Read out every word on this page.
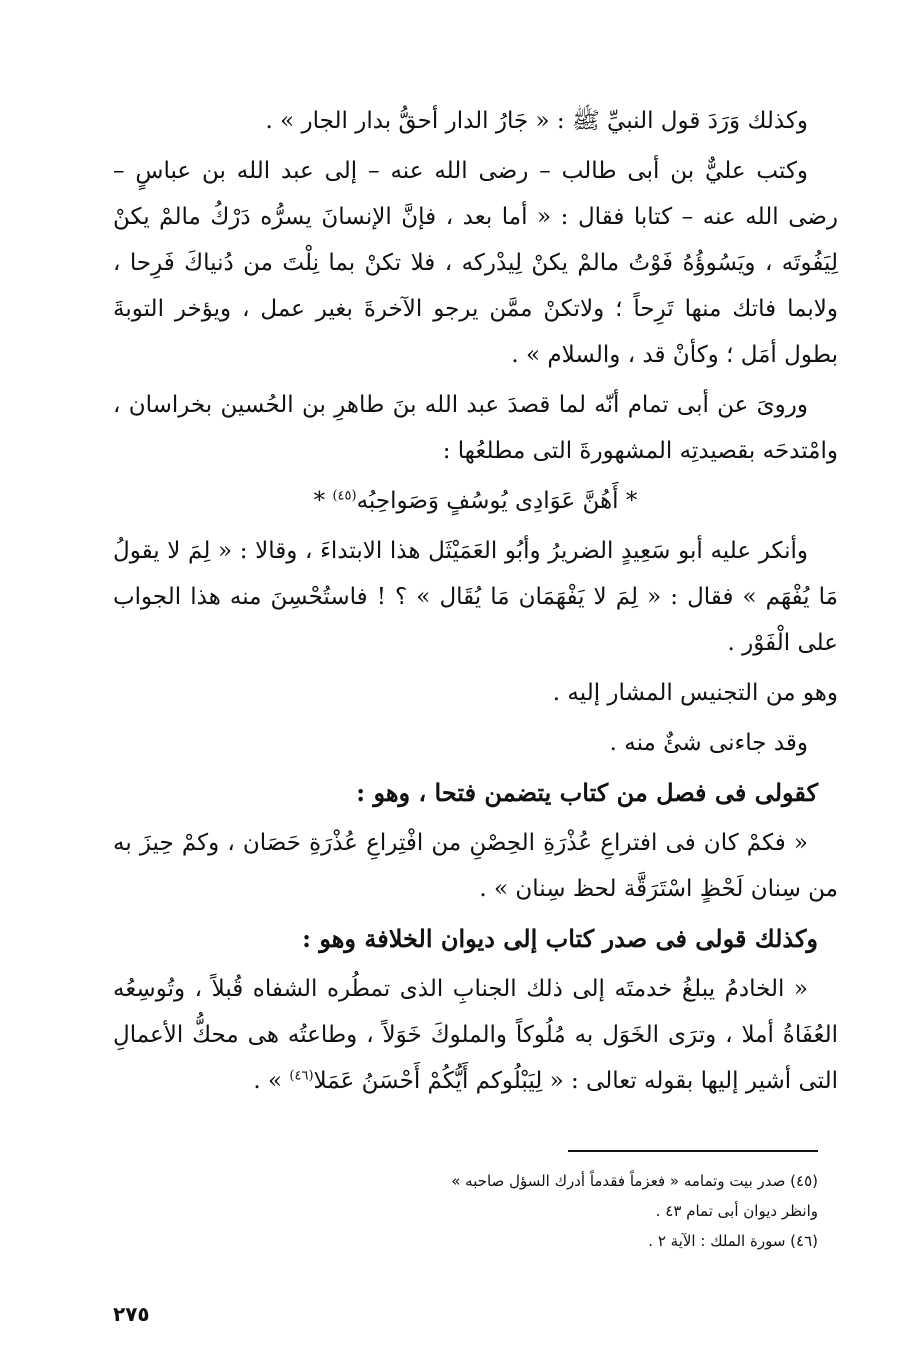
وكذلك وَرَدَ قول النبيِّ ﷺ : « جَارُ الدار أحقُّ بدار الجار » .

وكتب عليٌّ بن أبى طالب – رضى الله عنه – إلى عبد الله بن عباسٍ – رضى الله عنه – كتابا فقال : « أما بعد ، فإنَّ الإنسانَ يسرُّه دَرْكُ مالمْ يكنْ لِيَفُوتَه ، ويَسُوؤُهُ فَوْتُ مالمْ يكنْ لِيدْركه ، فلا تكنْ بما نِلْتَ من دُنياكَ فَرِحا ، ولابما فاتك منها تَرِحاً ؛ ولاتكنْ ممَّن يرجو الآخرةَ بغير عمل ، ويؤخر التوبةَ بطول أمَل ؛ وكأنْ قد ، والسلام » .

وروىَ عن أبى تمام أنّه لما قصدَ عبد الله بنَ طاهرِ بن الحُسين بخراسان ، وامْتدحَه بقصيدتِه المشهورةَ التى مطلعُها :

* أَهُنَّ عَوَادِى يُوسُفٍ وَصَواحِبُه$^{(٤٥)}$ *

وأنكر عليه أبو سَعِيدٍ الضريرُ وأبُو العَمَيْثَل هذا الابتداءَ ، وقالا : « لِمَ لا يقولُ مَا يُفْهَم » فقال : « لِمَ لا يَفْهَمَان مَا يُقَال » ؟ ! فاستُحْسِنَ منه هذا الجواب على الْفَوْر .

وهو من التجنيس المشار إليه .

وقد جاءنى شئٌ منه .

كقولى فى فصل من كتاب يتضمن فتحا ، وهو :

« فكمْ كان فى افتراعِ عُذْرَةِ الحِصْنِ من افْتِراعِ عُذْرَةِ حَصَان ، وكمْ حِيزَ به من سِنان لَحْظٍ اسْتَرَقَّة لحظ سِنان » .

وكذلك قولى فى صدر كتاب إلى ديوان الخلافة وهو :

« الخادمُ يبلغُ خدمتَه إلى ذلك الجنابِ الذى تمطُره الشفاه قُبلاً ، وتُوسِعُه العُفَاةُ أملا ، وترَى الخَوَل به مُلُوكاً والملوكَ خَوَلاً ، وطاعتُه هى محكُّ الأعمالِ التى أشير إليها بقوله تعالى : « لِيَبْلُوكم أَيُّكُمْ أَحْسَنُ عَمَلا$^{(٤٦)}$ » .

(٤٥) صدر بيت وتمامه « فعزماً فقدماً أدرك السؤل صاحبه »
وانظر ديوان أبى تمام ٤٣ .
(٤٦) سورة الملك : الآية ٢ .
٢٧٥
